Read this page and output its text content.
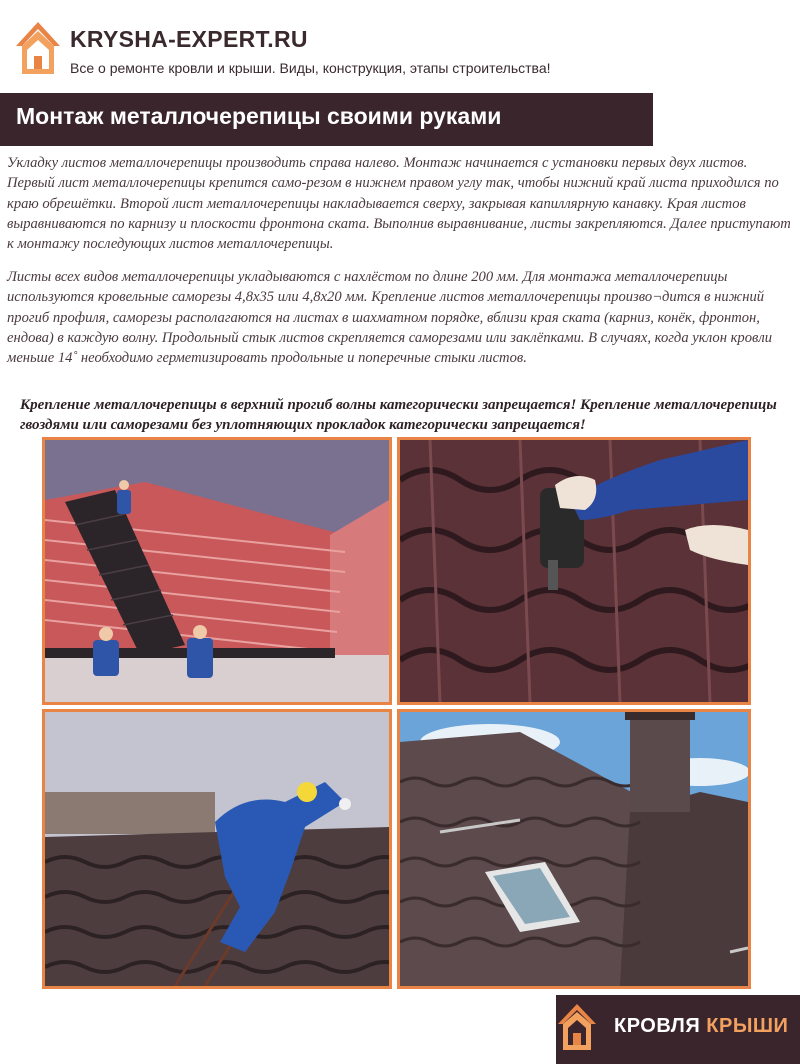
KRYSHA-EXPERT.RU
Все о ремонте кровли и крыши. Виды, конструкция, этапы строительства!
Монтаж металлочерепицы своими руками

Укладку листов металлочерепицы производить справа налево. Монтаж начинается с установки первых двух листов. Первый лист металлочерепицы крепится само-резом в нижнем правом углу так, чтобы нижний край листа приходился по краю обрешётки. Второй лист металлочерепицы накладывается сверху, закрывая капиллярную канавку. Края листов выравниваются по карнизу и плоскости фронтона ската. Выполнив выравнивание, листы закрепляются. Далее приступают к монтажу последующих листов металлочерепицы.

Листы всех видов металлочерепицы укладываются с нахлёстом по длине 200 мм. Для монтажа металлочерепицы используются кровельные саморезы 4,8х35 или 4,8х20 мм. Крепление листов металлочерепицы произво¬дится в нижний прогиб профиля, саморезы располагаются на листах в шахматном порядке, вблизи края ската (карниз, конёк, фронтон, ендова) в каждую волну. Продольный стык листов скрепляется саморезами или заклёпками. В случаях, когда уклон кровли меньше 14˚ необходимо герметизировать продольные и поперечные стыки листов.

Крепление металлочерепицы в верхний прогиб волны категорически запрещается! Крепление металлочерепицы гвоздями или саморезами без уплотняющих прокладок категорически запрещается!

КРОВЛЯ КРЫШИ
